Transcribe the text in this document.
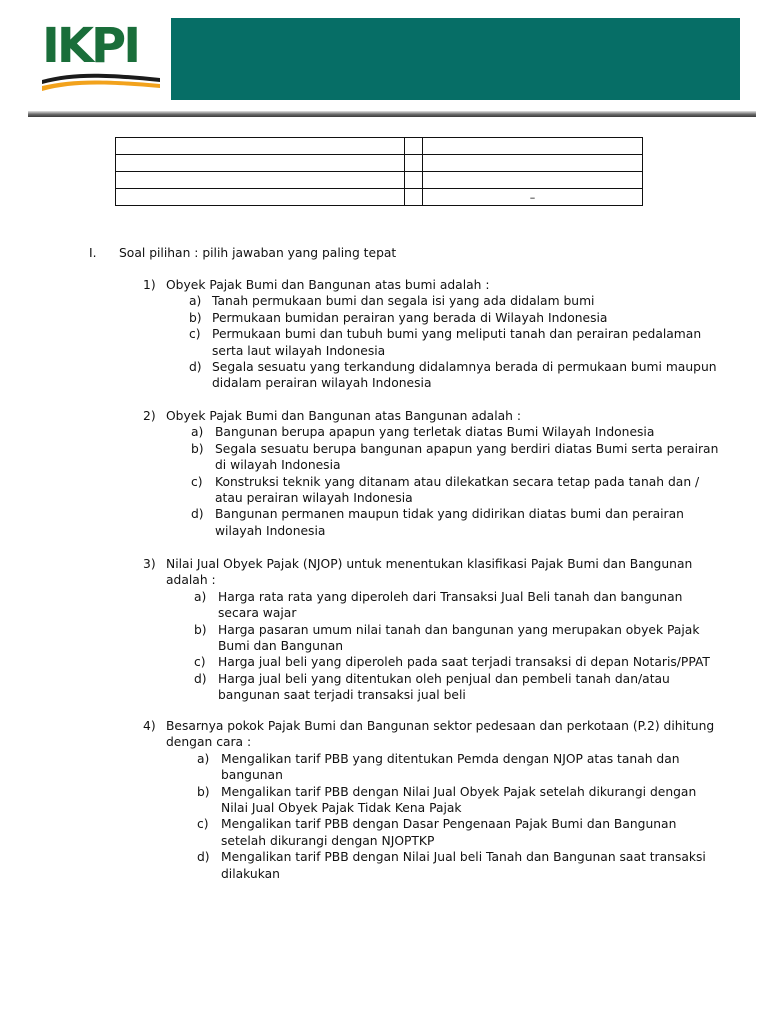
IKPI

		–
I. Soal pilihan : pilih jawaban yang paling tepat
1) Obyek Pajak Bumi dan Bangunan atas bumi adalah :
a) Tanah permukaan bumi dan segala isi yang ada didalam bumi
b) Permukaan bumidan perairan yang berada di Wilayah Indonesia
c) Permukaan bumi dan tubuh bumi yang meliputi tanah dan perairan pedalaman
serta laut wilayah Indonesia
d) Segala sesuatu yang terkandung didalamnya berada di permukaan bumi maupun
didalam perairan wilayah Indonesia
2) Obyek Pajak Bumi dan Bangunan atas Bangunan adalah :
a) Bangunan berupa apapun yang terletak diatas Bumi Wilayah Indonesia
b) Segala sesuatu berupa bangunan apapun yang berdiri diatas Bumi serta perairan
di wilayah Indonesia
c) Konstruksi teknik yang ditanam atau dilekatkan secara tetap pada tanah dan /
atau perairan wilayah Indonesia
d) Bangunan permanen maupun tidak yang didirikan diatas bumi dan perairan
wilayah Indonesia
3) Nilai Jual Obyek Pajak (NJOP) untuk menentukan klasifikasi Pajak Bumi dan Bangunan
adalah :
a) Harga rata rata yang diperoleh dari Transaksi Jual Beli tanah dan bangunan
secara wajar
b) Harga pasaran umum nilai tanah dan bangunan yang merupakan obyek Pajak
Bumi dan Bangunan
c) Harga jual beli yang diperoleh pada saat terjadi transaksi di depan Notaris/PPAT
d) Harga jual beli yang ditentukan oleh penjual dan pembeli tanah dan/atau
bangunan saat terjadi transaksi jual beli
4) Besarnya pokok Pajak Bumi dan Bangunan sektor pedesaan dan perkotaan (P.2) dihitung
dengan cara :
a) Mengalikan tarif PBB yang ditentukan Pemda dengan NJOP atas tanah dan
bangunan
b) Mengalikan tarif PBB dengan Nilai Jual Obyek Pajak setelah dikurangi dengan
Nilai Jual Obyek Pajak Tidak Kena Pajak
c) Mengalikan tarif PBB dengan Dasar Pengenaan Pajak Bumi dan Bangunan
setelah dikurangi dengan NJOPTKP
d) Mengalikan tarif PBB dengan Nilai Jual beli Tanah dan Bangunan saat transaksi
dilakukan
